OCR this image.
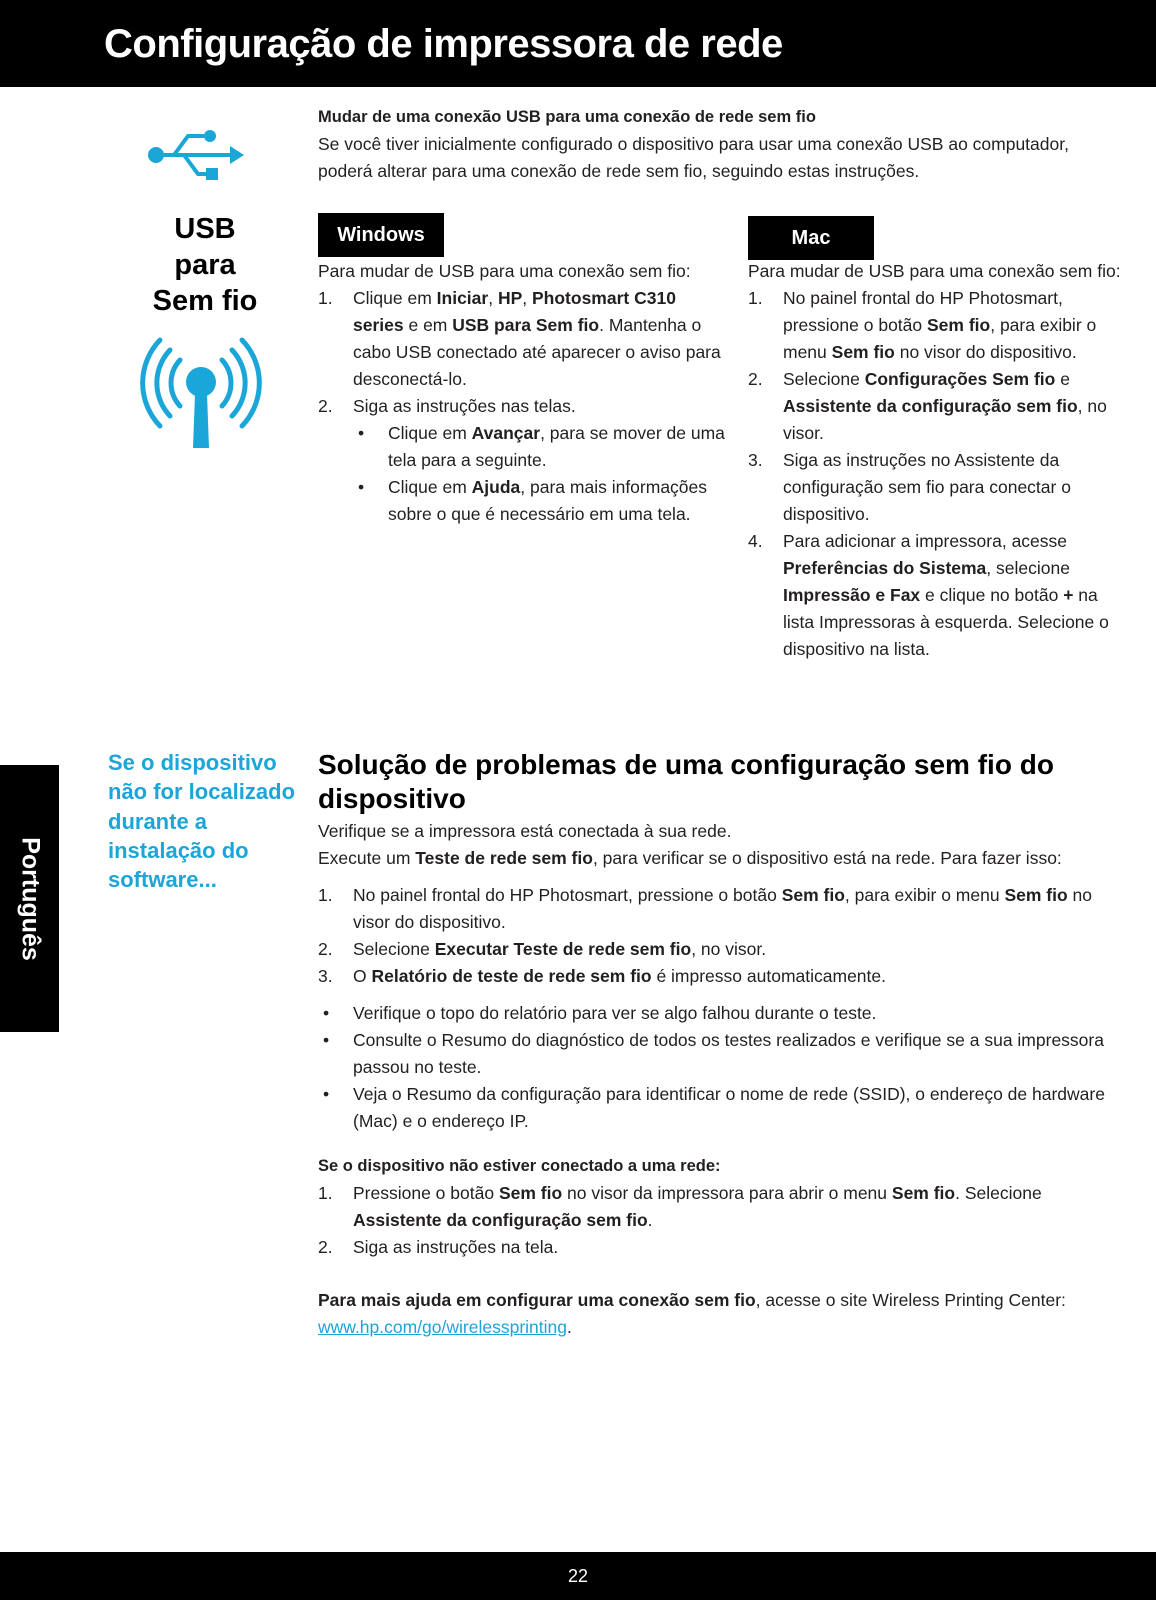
Configuração de impressora de rede
Português
USB
para
Sem fio
Mudar de uma conexão USB para uma conexão de rede sem fio
Se você tiver inicialmente configurado o dispositivo para usar uma conexão USB ao computador, poderá alterar para uma conexão de rede sem fio, seguindo estas instruções.
Windows	Mac
Para mudar de USB para uma conexão sem fio:
1. Clique em Iniciar, HP, Photosmart C310 series e em USB para Sem fio. Mantenha o cabo USB conectado até aparecer o aviso para desconectá-lo.
2. Siga as instruções nas telas.
• Clique em Avançar, para se mover de uma tela para a seguinte.
• Clique em Ajuda, para mais informações sobre o que é necessário em uma tela.
Para mudar de USB para uma conexão sem fio:
1. No painel frontal do HP Photosmart, pressione o botão Sem fio, para exibir o menu Sem fio no visor do dispositivo.
2. Selecione Configurações Sem fio e Assistente da configuração sem fio, no visor.
3. Siga as instruções no Assistente da configuração sem fio para conectar o dispositivo.
4. Para adicionar a impressora, acesse Preferências do Sistema, selecione Impressão e Fax e clique no botão + na lista Impressoras à esquerda. Selecione o dispositivo na lista.
Se o dispositivo não for localizado durante a instalação do software...
Solução de problemas de uma configuração sem fio do dispositivo
Verifique se a impressora está conectada à sua rede.
Execute um Teste de rede sem fio, para verificar se o dispositivo está na rede. Para fazer isso:
1. No painel frontal do HP Photosmart, pressione o botão Sem fio, para exibir o menu Sem fio no visor do dispositivo.
2. Selecione Executar Teste de rede sem fio, no visor.
3. O Relatório de teste de rede sem fio é impresso automaticamente.
• Verifique o topo do relatório para ver se algo falhou durante o teste.
• Consulte o Resumo do diagnóstico de todos os testes realizados e verifique se a sua impressora passou no teste.
• Veja o Resumo da configuração para identificar o nome de rede (SSID), o endereço de hardware (Mac) e o endereço IP.
Se o dispositivo não estiver conectado a uma rede:
1. Pressione o botão Sem fio no visor da impressora para abrir o menu Sem fio. Selecione Assistente da configuração sem fio.
2. Siga as instruções na tela.
Para mais ajuda em configurar uma conexão sem fio, acesse o site Wireless Printing Center: www.hp.com/go/wirelessprinting.
22
